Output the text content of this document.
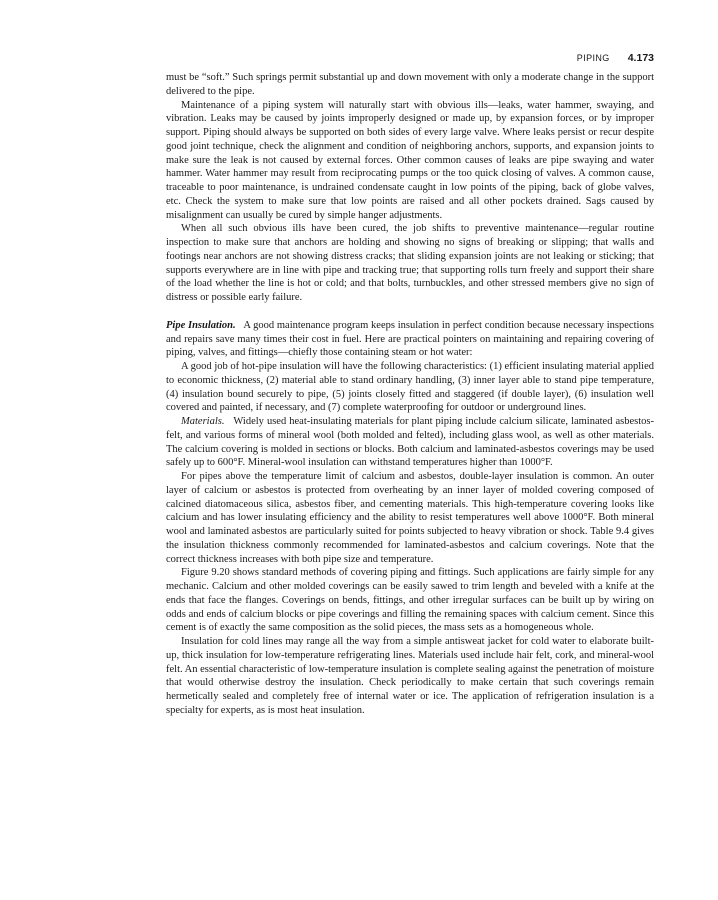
PIPING 4.173

must be “soft.” Such springs permit substantial up and down movement with only a moderate change in the support delivered to the pipe.

Maintenance of a piping system will naturally start with obvious ills—leaks, water hammer, swaying, and vibration. Leaks may be caused by joints improperly designed or made up, by expansion forces, or by improper support. Piping should always be supported on both sides of every large valve. Where leaks persist or recur despite good joint technique, check the alignment and condition of neighboring anchors, supports, and expansion joints to make sure the leak is not caused by external forces. Other common causes of leaks are pipe swaying and water hammer. Water hammer may result from reciprocating pumps or the too quick closing of valves. A common cause, traceable to poor maintenance, is undrained condensate caught in low points of the piping, back of globe valves, etc. Check the system to make sure that low points are raised and all other pockets drained. Sags caused by misalignment can usually be cured by simple hanger adjustments.

When all such obvious ills have been cured, the job shifts to preventive maintenance—regular routine inspection to make sure that anchors are holding and showing no signs of breaking or slipping; that walls and footings near anchors are not showing distress cracks; that sliding expansion joints are not leaking or sticking; that supports everywhere are in line with pipe and tracking true; that supporting rolls turn freely and support their share of the load whether the line is hot or cold; and that bolts, turnbuckles, and other stressed members give no sign of distress or possible early failure.

Pipe Insulation. A good maintenance program keeps insulation in perfect condition because necessary inspections and repairs save many times their cost in fuel. Here are practical pointers on maintaining and repairing covering of piping, valves, and fittings—chiefly those containing steam or hot water:

A good job of hot-pipe insulation will have the following characteristics: (1) efficient insulating material applied to economic thickness, (2) material able to stand ordinary handling, (3) inner layer able to stand pipe temperature, (4) insulation bound securely to pipe, (5) joints closely fitted and staggered (if double layer), (6) insulation well covered and painted, if necessary, and (7) complete waterproofing for outdoor or underground lines.

Materials. Widely used heat-insulating materials for plant piping include calcium silicate, laminated asbestos-felt, and various forms of mineral wool (both molded and felted), including glass wool, as well as other materials. The calcium covering is molded in sections or blocks. Both calcium and laminated-asbestos coverings may be used safely up to 600°F. Mineral-wool insulation can withstand temperatures higher than 1000°F.

For pipes above the temperature limit of calcium and asbestos, double-layer insulation is common. An outer layer of calcium or asbestos is protected from overheating by an inner layer of molded covering composed of calcined diatomaceous silica, asbestos fiber, and cementing materials. This high-temperature covering looks like calcium and has lower insulating efficiency and the ability to resist temperatures well above 1000°F. Both mineral wool and laminated asbestos are particularly suited for points subjected to heavy vibration or shock. Table 9.4 gives the insulation thickness commonly recommended for laminated-asbestos and calcium coverings. Note that the correct thickness increases with both pipe size and temperature.

Figure 9.20 shows standard methods of covering piping and fittings. Such applications are fairly simple for any mechanic. Calcium and other molded coverings can be easily sawed to trim length and beveled with a knife at the ends that face the flanges. Coverings on bends, fittings, and other irregular surfaces can be built up by wiring on odds and ends of calcium blocks or pipe coverings and filling the remaining spaces with calcium cement. Since this cement is of exactly the same composition as the solid pieces, the mass sets as a homogeneous whole.

Insulation for cold lines may range all the way from a simple antisweat jacket for cold water to elaborate built-up, thick insulation for low-temperature refrigerating lines. Materials used include hair felt, cork, and mineral-wool felt. An essential characteristic of low-temperature insulation is complete sealing against the penetration of moisture that would otherwise destroy the insulation. Check periodically to make certain that such coverings remain hermetically sealed and completely free of internal water or ice. The application of refrigeration insulation is a specialty for experts, as is most heat insulation.
